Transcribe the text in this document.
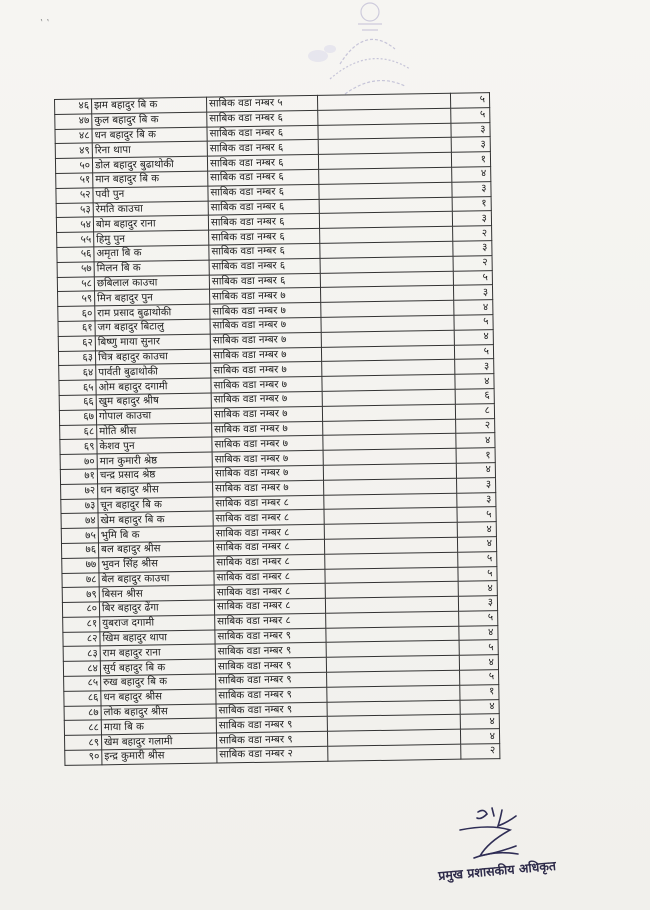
‛ ‛
४६	झम बहादुर बि क	साबिक वडा नम्बर ५		५
४७	कुल बहादुर बि क	साबिक वडा नम्बर ६		५
४८	धन बहादुर बि क	साबिक वडा नम्बर ६		३
४९	रिना थापा	साबिक वडा नम्बर ६		३
५०	डोल बहादुर बुढाथोकी	साबिक वडा नम्बर ६		१
५१	मान बहादुर बि क	साबिक वडा नम्बर ६		४
५२	पवी पुन	साबिक वडा नम्बर ६		३
५३	रेमति काउचा	साबिक वडा नम्बर ६		१
५४	बोम बहादुर राना	साबिक वडा नम्बर ६		३
५५	हिमु पुन	साबिक वडा नम्बर ६		२
५६	अमृता बि क	साबिक वडा नम्बर ६		३
५७	मिलन बि क	साबिक वडा नम्बर ६		२
५८	छबिलाल काउचा	साबिक वडा नम्बर ६		५
५९	मिन बहादुर पुन	साबिक वडा नम्बर ७		३
६०	राम प्रसाद बुढाथोकी	साबिक वडा नम्बर ७		४
६१	जग बहादुर बिटालु	साबिक वडा नम्बर ७		५
६२	बिष्णु माया सुनार	साबिक वडा नम्बर ७		४
६३	चित्र बहादुर काउचा	साबिक वडा नम्बर ७		५
६४	पार्वती बुढाथोकी	साबिक वडा नम्बर ७		३
६५	ओम बहादुर दगामी	साबिक वडा नम्बर ७		४
६६	खुम बहादुर श्रीष	साबिक वडा नम्बर ७		६
६७	गोपाल काउचा	साबिक वडा नम्बर ७		८
६८	मोति श्रीस	साबिक वडा नम्बर ७		२
६९	केशव पुन	साबिक वडा नम्बर ७		४
७०	मान कुमारी श्रेष्ठ	साबिक वडा नम्बर ७		१
७१	चन्द्र प्रसाद श्रेष्ठ	साबिक वडा नम्बर ७		४
७२	धन बहादुर श्रीस	साबिक वडा नम्बर ७		३
७३	चून बहादुर बि क	साबिक वडा नम्बर ८		३
७४	खेम बहादुर बि क	साबिक वडा नम्बर ८		५
७५	भुमि बि क	साबिक वडा नम्बर ८		४
७६	बल बहादुर श्रीस	साबिक वडा नम्बर ८		४
७७	भुवन सिंह श्रीस	साबिक वडा नम्बर ८		५
७८	बेल बहादुर काउचा	साबिक वडा नम्बर ८		५
७९	बिसन श्रीस	साबिक वडा नम्बर ८		४
८०	बिर बहादुर ढेंगा	साबिक वडा नम्बर ८		३
८१	युबराज दगामी	साबिक वडा नम्बर ८		५
८२	खिम बहादुर थापा	साबिक वडा नम्बर ९		४
८३	राम बहादुर राना	साबिक वडा नम्बर ९		५
८४	सुर्य बहादुर बि क	साबिक वडा नम्बर ९		४
८५	रुख बहादुर बि क	साबिक वडा नम्बर ९		५
८६	धन बहादुर श्रीस	साबिक वडा नम्बर ९		१
८७	लोक बहादुर श्रीस	साबिक वडा नम्बर ९		४
८८	माया बि क	साबिक वडा नम्बर ९		४
८९	खेम बहादुर गलामी	साबिक वडा नम्बर ९		४
९०	इन्द्र कुमारी श्रीस	साबिक वडा नम्बर २		२
प्रमुख प्रशासकीय अधिकृत
